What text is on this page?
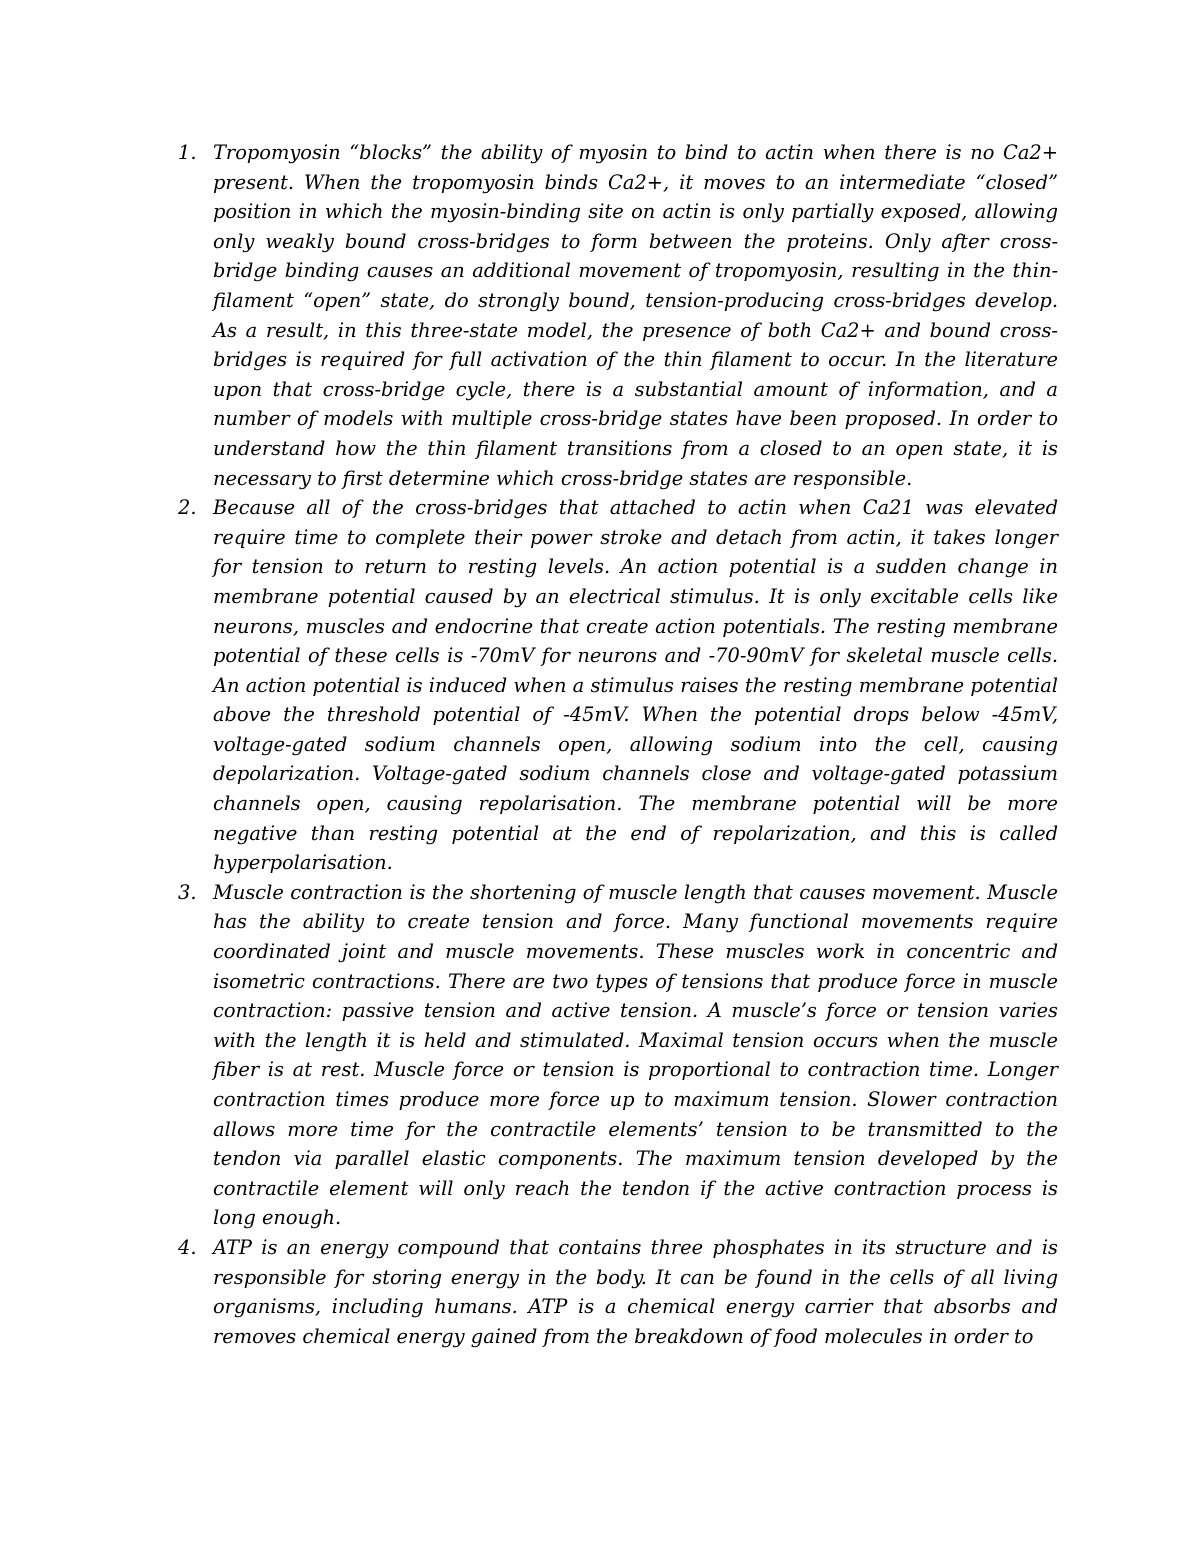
1. Tropomyosin “blocks” the ability of myosin to bind to actin when there is no Ca2+ present. When the tropomyosin binds Ca2+, it moves to an intermediate “closed” position in which the myosin-binding site on actin is only partially exposed, allowing only weakly bound cross-bridges to form between the proteins. Only after cross-bridge binding causes an additional movement of tropomyosin, resulting in the thin-filament “open” state, do strongly bound, tension-producing cross-bridges develop. As a result, in this three-state model, the presence of both Ca2+ and bound cross-bridges is required for full activation of the thin filament to occur. In the literature upon that cross-bridge cycle, there is a substantial amount of information, and a number of models with multiple cross-bridge states have been proposed. In order to understand how the thin filament transitions from a closed to an open state, it is necessary to first determine which cross-bridge states are responsible.
2. Because all of the cross-bridges that attached to actin when Ca21 was elevated require time to complete their power stroke and detach from actin, it takes longer for tension to return to resting levels. An action potential is a sudden change in membrane potential caused by an electrical stimulus. It is only excitable cells like neurons, muscles and endocrine that create action potentials. The resting membrane potential of these cells is -70mV for neurons and -70-90mV for skeletal muscle cells. An action potential is induced when a stimulus raises the resting membrane potential above the threshold potential of -45mV. When the potential drops below -45mV, voltage-gated sodium channels open, allowing sodium into the cell, causing depolarization. Voltage-gated sodium channels close and voltage-gated potassium channels open, causing repolarisation. The membrane potential will be more negative than resting potential at the end of repolarization, and this is called hyperpolarisation.
3. Muscle contraction is the shortening of muscle length that causes movement. Muscle has the ability to create tension and force. Many functional movements require coordinated joint and muscle movements. These muscles work in concentric and isometric contractions. There are two types of tensions that produce force in muscle contraction: passive tension and active tension. A muscle’s force or tension varies with the length it is held and stimulated. Maximal tension occurs when the muscle fiber is at rest. Muscle force or tension is proportional to contraction time. Longer contraction times produce more force up to maximum tension. Slower contraction allows more time for the contractile elements’ tension to be transmitted to the tendon via parallel elastic components. The maximum tension developed by the contractile element will only reach the tendon if the active contraction process is long enough.
4. ATP is an energy compound that contains three phosphates in its structure and is responsible for storing energy in the body. It can be found in the cells of all living organisms, including humans. ATP is a chemical energy carrier that absorbs and removes chemical energy gained from the breakdown of food molecules in order to
